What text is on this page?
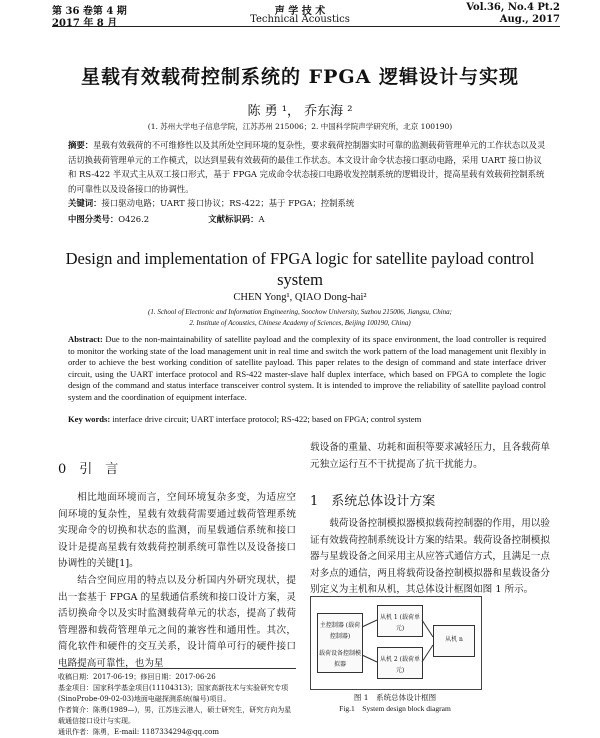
第 36 卷第 4 期
2017 年 8 月
声 学 技 术
Technical Acoustics
Vol.36, No.4 Pt.2
Aug., 2017
星载有效载荷控制系统的 FPGA 逻辑设计与实现
陈 勇 ¹， 乔东海 ²
(1. 苏州大学电子信息学院，江苏苏州 215006；2. 中国科学院声学研究所，北京 100190)
摘要：星载有效载荷的不可维修性以及其所处空间环境的复杂性，要求载荷控制器实时可靠的监测载荷管理单元的工作状态以及灵活切换载荷管理单元的工作模式，以达到星载有效载荷的最佳工作状态。本文设计命令状态接口驱动电路，采用 UART 接口协议和 RS-422 半双式主从双工接口形式，基于 FPGA 完成命令状态接口电路收发控制系统的逻辑设计，提高星载有效载荷控制系统的可靠性以及设备接口的协调性。
关键词：接口驱动电路；UART 接口协议；RS-422；基于 FPGA；控制系统
中图分类号：O426.2	文献标识码：A
Design and implementation of FPGA logic for satellite payload control system
CHEN Yong¹, QIAO Dong-hai²
(1. School of Electronic and Information Engineering, Soochow University, Suzhou 215006, Jiangsu, China;
2. Institute of Acoustics, Chinese Academy of Sciences, Beijing 100190, China)
Abstract: Due to the non-maintainability of satellite payload and the complexity of its space environment, the load controller is required to monitor the working state of the load management unit in real time and switch the work pattern of the load management unit flexibly in order to achieve the best working condition of satellite payload. This paper relates to the design of command and state interface driver circuit, using the UART interface protocol and RS-422 master-slave half duplex interface, which based on FPGA to complete the logic design of the command and status interface transceiver control system. It is intended to improve the reliability of satellite payload control system and the coordination of equipment interface.
Key words: interface drive circuit; UART interface protocol; RS-422; based on FPGA; control system
0　引　言
相比地面环境而言，空间环境复杂多变，为适应空间环境的复杂性，星载有效载荷需要通过载荷管理系统实现命令的切换和状态的监测，而星载通信系统和接口设计是提高星载有效载荷控制系统可靠性以及设备接口协调性的关键[1]。
结合空间应用的特点以及分析国内外研究现状，提出一套基于 FPGA 的星载通信系统和接口设计方案，灵活切换命令以及实时监测载荷单元的状态，提高了载荷管理器和载荷管理单元之间的兼容性和通用性。其次，简化软件和硬件的交互关系，设计简单可行的硬件接口电路提高可靠性，也为星
收稿日期：2017-06-19；修回日期：2017-06-26
基金项目：国家科学基金项目(11104313)；国家高新技术与实验研究专项(SinoProbe-09-02-03)地面电磁探测系统(编号)项目。
作者简介：陈勇(1989—)，男，江苏连云港人，硕士研究生，研究方向为星载通信接口设计与实现。
通讯作者：陈勇，E-mail: 1187334294@qq.com
载设备的重量、功耗和面积等要求减轻压力，且各载荷单元独立运行互不干扰提高了抗干扰能力。
1　系统总体设计方案
载荷设备控制模拟器模拟载荷控制器的作用，用以验证有效载荷控制系统设计方案的结果。载荷设备控制模拟器与星载设备之间采用主从应答式通信方式，且满足一点对多点的通信，两且将载荷设备控制模拟器和星载设备分别定义为主机和从机，其总体设计框图如图 1 所示。
主控制器 (载荷控制器)
载荷设备控制模拟器
从机 1 (载荷单元)
从机 2 (载荷单元)
从机 n
图 1　系统总体设计框图
Fig.1　System design block diagram
